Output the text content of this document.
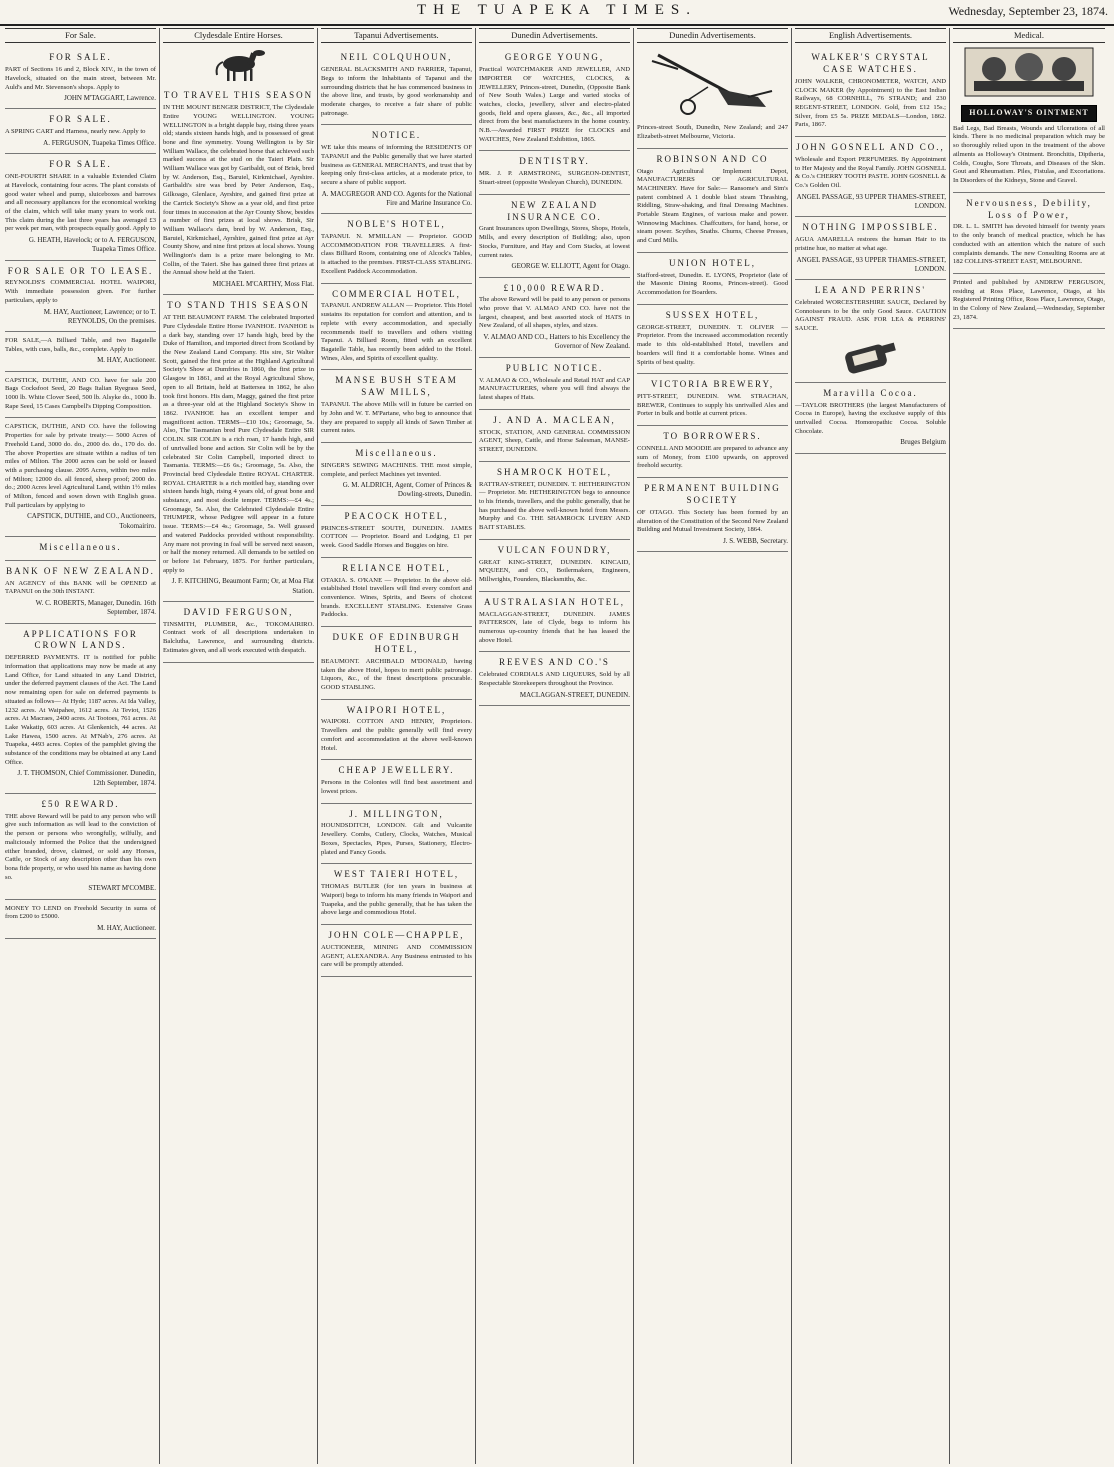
THE TUAPEKA TIMES.	Wednesday, September 23, 1874.
For Sale.
FOR SALE.
PART of Sections 16 and 2, Block XIV., in the town of Havelock, situated on the main street, between Mr. Auld's and Mr. Stevenson's shops. Apply to
JOHN M'TAGGART, Lawrence.
FOR SALE.
A SPRING CART and Harness, nearly new. Apply to
A. FERGUSON, Tuapeka Times Office.
FOR SALE.
ONE-FOURTH SHARE in a valuable Extended Claim at Havelock, containing four acres. The plant consists of good water wheel and pump, sluiceboxes and barrows and all necessary appliances for the economical working of the claim, which will take many years to work out. This claim during the last three years has averaged £3 per week per man, with prospects equally good. Apply to
G. HEATH, Havelock; or to A. FERGUSON, Tuapeka Times Office.
FOR SALE OR TO LEASE.
REYNOLDS'S COMMERCIAL HOTEL WAIPORI, With immediate possession given. For further particulars, apply to
M. HAY, Auctioneer, Lawrence; or to T. REYNOLDS, On the premises.
FOR SALE,—A Billiard Table, and two Bagatelle Tables, with cues, balls, &c., complete. Apply to
M. HAY, Auctioneer.
CAPSTICK, DUTHIE, AND CO. have for sale 200 Bags Cocksfoot Seed, 20 Bags Italian Ryegrass Seed, 1000 lb. White Clover Seed, 500 lb. Alsyke do., 1000 lb. Rape Seed, 15 Cases Campbell's Dipping Composition.
CAPSTICK, DUTHIE, AND CO. have the following Properties for sale by private treaty:— 5000 Acres of Freehold Land, 3000 do. do., 2000 do. do., 170 do. do. The above Properties are situate within a radius of ten miles of Milton. The 2000 acres can be sold or leased with a purchasing clause. 2095 Acres, within two miles of Milton; 12000 do. all fenced, sheep proof; 2000 do. do.; 2000 Acres level Agricultural Land, within 1½ miles of Milton, fenced and sown down with English grass. Full particulars by applying to
CAPSTICK, DUTHIE, and CO., Auctioneers, Tokomairiro.
Miscellaneous.
BANK OF NEW ZEALAND.
AN AGENCY of this BANK will be OPENED at TAPANUI on the 30th INSTANT.
W. C. ROBERTS, Manager, Dunedin. 16th September, 1874.
APPLICATIONS FOR CROWN LANDS.
DEFERRED PAYMENTS. IT is notified for public information that applications may now be made at any Land Office, for Land situated in any Land District, under the deferred payment clauses of the Act. The Land now remaining open for sale on deferred payments is situated as follows— At Hyde; 1187 acres. At Ida Valley, 1232 acres. At Waipahee, 1612 acres. At Teviot, 1526 acres. At Macraes, 2400 acres. At Tootoes, 761 acres. At Lake Wakatip, 603 acres. At Glenkenich, 44 acres. At Lake Hawea, 1500 acres. At M'Nab's, 276 acres. At Tuapeka, 4493 acres. Copies of the pamphlet giving the substance of the conditions may be obtained at any Land Office.
J. T. THOMSON, Chief Commissioner. Dunedin, 12th September, 1874.
£50 REWARD.
THE above Reward will be paid to any person who will give such information as will lead to the conviction of the person or persons who wrongfully, wilfully, and maliciously informed the Police that the undersigned either branded, drove, claimed, or sold any Horses, Cattle, or Stock of any description other than his own bona fide property, or who used his name as having done so.
STEWART M'COMBE.
MONEY TO LEND on Freehold Security in sums of from £200 to £5000.
M. HAY, Auctioneer.
Clydesdale Entire Horses.
TO TRAVEL THIS SEASON
IN THE MOUNT BENGER DISTRICT, The Clydesdale Entire YOUNG WELLINGTON. YOUNG WELLINGTON is a bright dapple bay, rising three years old; stands sixteen hands high, and is possessed of great bone and fine symmetry. Young Wellington is by Sir William Wallace, the celebrated horse that achieved such marked success at the stud on the Taieri Plain. Sir William Wallace was got by Garibaldi, out of Brisk, bred by W. Anderson, Esq., Baruiel, Kirkmichael, Ayrshire. Garibaldi's sire was bred by Peter Anderson, Esq., Gilkoago, Glenlace, Ayrshire, and gained first prize at the Carrick Society's Show as a year old, and first prize four times in succession at the Ayr County Show, besides a number of first prizes at local shows. Brisk, Sir William Wallace's dam, bred by W. Anderson, Esq., Baruiel, Kirkmichael, Ayrshire, gained first prize at Ayr County Show, and nine first prizes at local shows. Young Wellington's dam is a prize mare belonging to Mr. Collin, of the Taieri. She has gained three first prizes at the Annual show held at the Taieri.
MICHAEL M'CARTHY, Moss Flat.
TO STAND THIS SEASON
AT THE BEAUMONT FARM. The celebrated Imported Pure Clydesdale Entire Horse IVANHOE. IVANHOE is a dark bay, standing over 17 hands high, bred by the Duke of Hamilton, and imported direct from Scotland by the New Zealand Land Company. His sire, Sir Walter Scott, gained the first prize at the Highland Agricultural Society's Show at Dumfries in 1860, the first prize in Glasgow in 1861, and at the Royal Agricultural Show, open to all Britain, held at Battersea in 1862, he also took first honors. His dam, Maggy, gained the first prize as a three-year old at the Highland Society's Show in 1862. IVANHOE has an excellent temper and magnificent action. TERMS—£10 10s.; Groomage, 5s. Also, The Tasmanian bred Pure Clydesdale Entire SIR COLIN. SIR COLIN is a rich roan, 17 hands high, and of unrivalled bone and action. Sir Colin will be by the celebrated Sir Colin Campbell, imported direct to Tasmania. TERMS:—£6 6s.; Groomage, 5s. Also, the Provincial bred Clydesdale Entire ROYAL CHARTER. ROYAL CHARTER is a rich mottled bay, standing over sixteen hands high, rising 4 years old, of great bone and substance, and most docile temper. TERMS:—£4 4s.; Groomage, 5s. Also, the Celebrated Clydesdale Entire THUMPER, whose Pedigree will appear in a future issue. TERMS:—£4 4s.; Groomage, 5s. Well grassed and watered Paddocks provided without responsibility. Any mare not proving in foal will be served next season, or half the money returned. All demands to be settled on or before 1st February, 1875. For further particulars, apply to
J. F. KITCHING, Beaumont Farm; Or, at Moa Flat Station.
DAVID FERGUSON,
TINSMITH, PLUMBER, &c., TOKOMAIRIRO. Contract work of all descriptions undertaken in Balclutha, Lawrence, and surrounding districts. Estimates given, and all work executed with despatch.
Tapanui Advertisements.
NEIL COLQUHOUN,
GENERAL BLACKSMITH AND FARRIER, Tapanui, Begs to inform the Inhabitants of Tapanui and the surrounding districts that he has commenced business in the above line, and trusts, by good workmanship and moderate charges, to receive a fair share of public patronage.
NOTICE.
WE take this means of informing the RESIDENTS OF TAPANUI and the Public generally that we have started business as GENERAL MERCHANTS, and trust that by keeping only first-class articles, at a moderate price, to secure a share of public support.
A. MACGREGOR AND CO. Agents for the National Fire and Marine Insurance Co.
NOBLE'S HOTEL,
TAPANUI. N. M'MILLAN — Proprietor. GOOD ACCOMMODATION FOR TRAVELLERS. A first-class Billiard Room, containing one of Alcock's Tables, is attached to the premises. FIRST-CLASS STABLING. Excellent Paddock Accommodation.
COMMERCIAL HOTEL,
TAPANUI. ANDREW ALLAN — Proprietor. This Hotel sustains its reputation for comfort and attention, and is replete with every accommodation, and specially recommends itself to travellers and others visiting Tapanui. A Billiard Room, fitted with an excellent Bagatelle Table, has recently been added to the Hotel. Wines, Ales, and Spirits of excellent quality.
MANSE BUSH STEAM SAW MILLS,
TAPANUI. The above Mills will in future be carried on by John and W. T. M'Partane, who beg to announce that they are prepared to supply all kinds of Sawn Timber at current rates.
Miscellaneous.
SINGER'S SEWING MACHINES. THE most simple, complete, and perfect Machines yet invented.
G. M. ALDRICH, Agent, Corner of Princes & Dowling-streets, Dunedin.
PEACOCK HOTEL,
PRINCES-STREET SOUTH, DUNEDIN. JAMES COTTON — Proprietor. Board and Lodging, £1 per week. Good Saddle Horses and Buggies on hire.
RELIANCE HOTEL,
OTAKIA. S. O'KANE — Proprietor. In the above old-established Hotel travellers will find every comfort and convenience. Wines, Spirits, and Beers of choicest brands. EXCELLENT STABLING. Extensive Grass Paddocks.
DUKE OF EDINBURGH HOTEL,
BEAUMONT. ARCHIBALD M'DONALD, having taken the above Hotel, hopes to merit public patronage. Liquors, &c., of the finest descriptions procurable. GOOD STABLING.
WAIPORI HOTEL,
WAIPORI. COTTON AND HENRY, Proprietors. Travellers and the public generally will find every comfort and accommodation at the above well-known Hotel.
CHEAP JEWELLERY.
Persons in the Colonies will find best assortment and lowest prices.
J. MILLINGTON,
HOUNDSDITCH, LONDON. Gilt and Vulcanite Jewellery. Combs, Cutlery, Clocks, Watches, Musical Boxes, Spectacles, Pipes, Purses, Stationery, Electro-plated and Fancy Goods.
WEST TAIERI HOTEL,
THOMAS BUTLER (for ten years in business at Waipori) begs to inform his many friends in Waipori and Tuapeka, and the public generally, that he has taken the above large and commodious Hotel.
JOHN COLE—CHAPPLE,
AUCTIONEER, MINING AND COMMISSION AGENT, ALEXANDRA. Any Business entrusted to his care will be promptly attended.
Dunedin Advertisements.
GEORGE YOUNG,
Practical WATCHMAKER AND JEWELLER, AND IMPORTER OF WATCHES, CLOCKS, & JEWELLERY, Princes-street, Dunedin, (Opposite Bank of New South Wales.) Large and varied stocks of watches, clocks, jewellery, silver and electro-plated goods, field and opera glasses, &c., &c., all imported direct from the best manufacturers in the home country. N.B.—Awarded FIRST PRIZE for CLOCKS and WATCHES, New Zealand Exhibition, 1865.
DENTISTRY.
MR. J. P. ARMSTRONG, SURGEON-DENTIST, Stuart-street (opposite Wesleyan Church), DUNEDIN.
NEW ZEALAND INSURANCE CO.
Grant Insurances upon Dwellings, Stores, Shops, Hotels, Mills, and every description of Building; also, upon Stocks, Furniture, and Hay and Corn Stacks, at lowest current rates.
GEORGE W. ELLIOTT, Agent for Otago.
£10,000 REWARD.
The above Reward will be paid to any person or persons who prove that V. ALMAO AND CO. have not the largest, cheapest, and best assorted stock of HATS in New Zealand, of all shapes, styles, and sizes.
V. ALMAO AND CO., Hatters to his Excellency the Governor of New Zealand.
PUBLIC NOTICE.
V. ALMAO & CO., Wholesale and Retail HAT and CAP MANUFACTURERS, where you will find always the latest shapes of Hats.
J. AND A. MACLEAN,
STOCK, STATION, AND GENERAL COMMISSION AGENT, Sheep, Cattle, and Horse Salesman, MANSE-STREET, DUNEDIN.
SHAMROCK HOTEL,
RATTRAY-STREET, DUNEDIN. T. HETHERINGTON — Proprietor. Mr. HETHERINGTON begs to announce to his friends, travellers, and the public generally, that he has purchased the above well-known hotel from Messrs. Murphy and Co. THE SHAMROCK LIVERY AND BAIT STABLES.
VULCAN FOUNDRY,
GREAT KING-STREET, DUNEDIN. KINCAID, M'QUEEN, and CO., Boilermakers, Engineers, Millwrights, Founders, Blacksmiths, &c.
AUSTRALASIAN HOTEL,
MACLAGGAN-STREET, DUNEDIN. JAMES PATTERSON, late of Clyde, begs to inform his numerous up-country friends that he has leased the above Hotel.
REEVES AND CO.'S
Celebrated CORDIALS AND LIQUEURS, Sold by all Respectable Storekeepers throughout the Province.
MACLAGGAN-STREET, DUNEDIN.
Dunedin Advertisements.
Princes-street South, Dunedin, New Zealand; and 247 Elizabeth-street Melbourne, Victoria.
ROBINSON AND CO
Otago Agricultural Implement Depot, MANUFACTURERS OF AGRICULTURAL MACHINERY. Have for Sale:— Ransome's and Sim's patent combined A 1 double blast steam Thrashing, Riddling, Straw-shaking, and final Dressing Machines. Portable Steam Engines, of various make and power. Winnowing Machines. Chaffcutters, for hand, horse, or steam power. Scythes, Snaths. Churns, Cheese Presses, and Curd Mills.
UNION HOTEL,
Stafford-street, Dunedin. E. LYONS, Proprietor (late of the Masonic Dining Rooms, Princes-street). Good Accommodation for Boarders.
SUSSEX HOTEL,
GEORGE-STREET, DUNEDIN. T. OLIVER — Proprietor. From the increased accommodation recently made to this old-established Hotel, travellers and boarders will find it a comfortable home. Wines and Spirits of best quality.
VICTORIA BREWERY,
PITT-STREET, DUNEDIN. WM. STRACHAN, BREWER, Continues to supply his unrivalled Ales and Porter in bulk and bottle at current prices.
TO BORROWERS.
CONNELL AND MOODIE are prepared to advance any sum of Money, from £100 upwards, on approved freehold security.
PERMANENT BUILDING SOCIETY
OF OTAGO. This Society has been formed by an alteration of the Constitution of the Second New Zealand Building and Mutual Investment Society, 1864.
J. S. WEBB, Secretary.
English Advertisements.
WALKER'S CRYSTAL CASE WATCHES.
JOHN WALKER, CHRONOMETER, WATCH, AND CLOCK MAKER (by Appointment) to the East Indian Railways, 68 CORNHILL, 76 STRAND; and 230 REGENT-STREET, LONDON. Gold, from £12 15s.; Silver, from £5 5s. PRIZE MEDALS—London, 1862. Paris, 1867.
JOHN GOSNELL AND CO.,
Wholesale and Export PERFUMERS. By Appointment to Her Majesty and the Royal Family. JOHN GOSNELL & Co.'s CHERRY TOOTH PASTE. JOHN GOSNELL & Co.'s Golden Oil.
ANGEL PASSAGE, 93 UPPER THAMES-STREET, LONDON.
NOTHING IMPOSSIBLE.
AGUA AMARELLA restores the human Hair to its pristine hue, no matter at what age.
ANGEL PASSAGE, 93 UPPER THAMES-STREET, LONDON.
LEA AND PERRINS'
Celebrated WORCESTERSHIRE SAUCE, Declared by Connoisseurs to be the only Good Sauce. CAUTION AGAINST FRAUD. ASK FOR LEA & PERRINS' SAUCE.
Maravilla Cocoa.
—TAYLOR BROTHERS (the largest Manufacturers of Cocoa in Europe), having the exclusive supply of this unrivalled Cocoa. Homœopathic Cocoa. Soluble Chocolate.
Bruges Belgium
Medical.
HOLLOWAY'S OINTMENT
Bad Legs, Bad Breasts, Wounds and Ulcerations of all kinds. There is no medicinal preparation which may be so thoroughly relied upon in the treatment of the above ailments as Holloway's Ointment. Bronchitis, Diptheria, Colds, Coughs, Sore Throats, and Diseases of the Skin. Gout and Rheumatism. Piles, Fistulas, and Excoriations. In Disorders of the Kidneys, Stone and Gravel.
Nervousness, Debility, Loss of Power,
DR. L. L. SMITH has devoted himself for twenty years to the only branch of medical practice, which he has conducted with an attention which the nature of such complaints demands. The new Consulting Rooms are at 182 COLLINS-STREET EAST, MELBOURNE.
Printed and published by ANDREW FERGUSON, residing at Ross Place, Lawrence, Otago, at his Registered Printing Office, Ross Place, Lawrence, Otago, in the Colony of New Zealand,—Wednesday, September 23, 1874.
